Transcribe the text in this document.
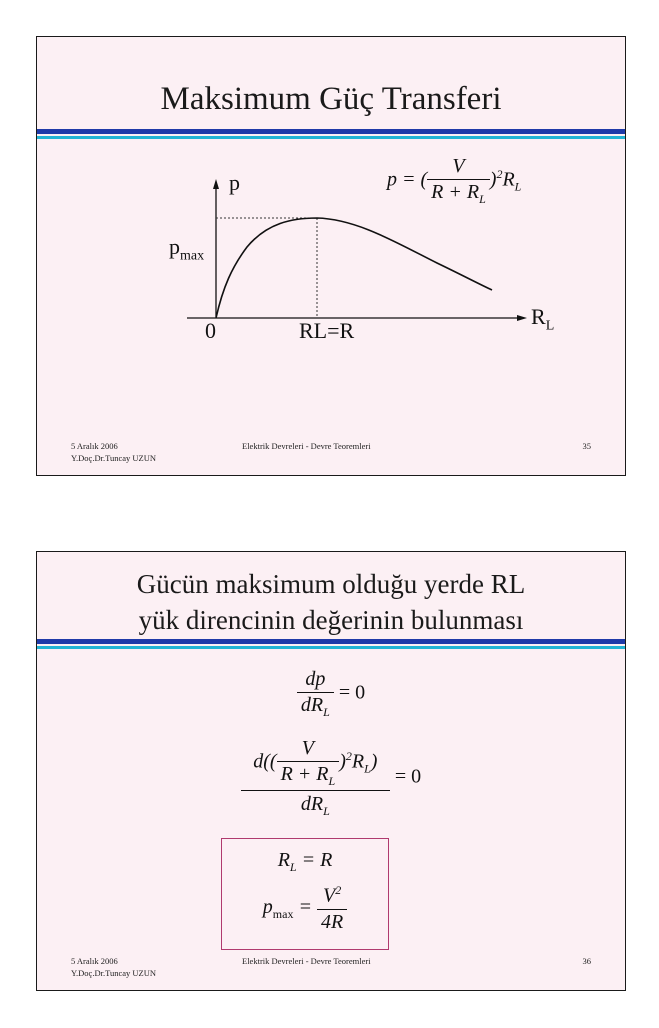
Maksimum Güç Transferi
p = ( $\frac{V}{R + R_L} )^2R_L$
p
$p_{max}$
$R_L$
0	RL=R
5 Aralık 2006
Y.Doç.Dr.Tuncay UZUN
Elektrik Devreleri - Devre Teoremleri	35
Gücün maksimum olduğu yerde RL
yük direncinin değerinin bulunması
$\frac{dp}{dR_L} = 0$
$\frac{d(( \frac{V}{R + R_L} )^2R_L)}{dR_L} = 0$
$R_L = R$
$p_{max} = \frac{V^2}{4R}$
5 Aralık 2006
Y.Doç.Dr.Tuncay UZUN
Elektrik Devreleri - Devre Teoremleri	36
